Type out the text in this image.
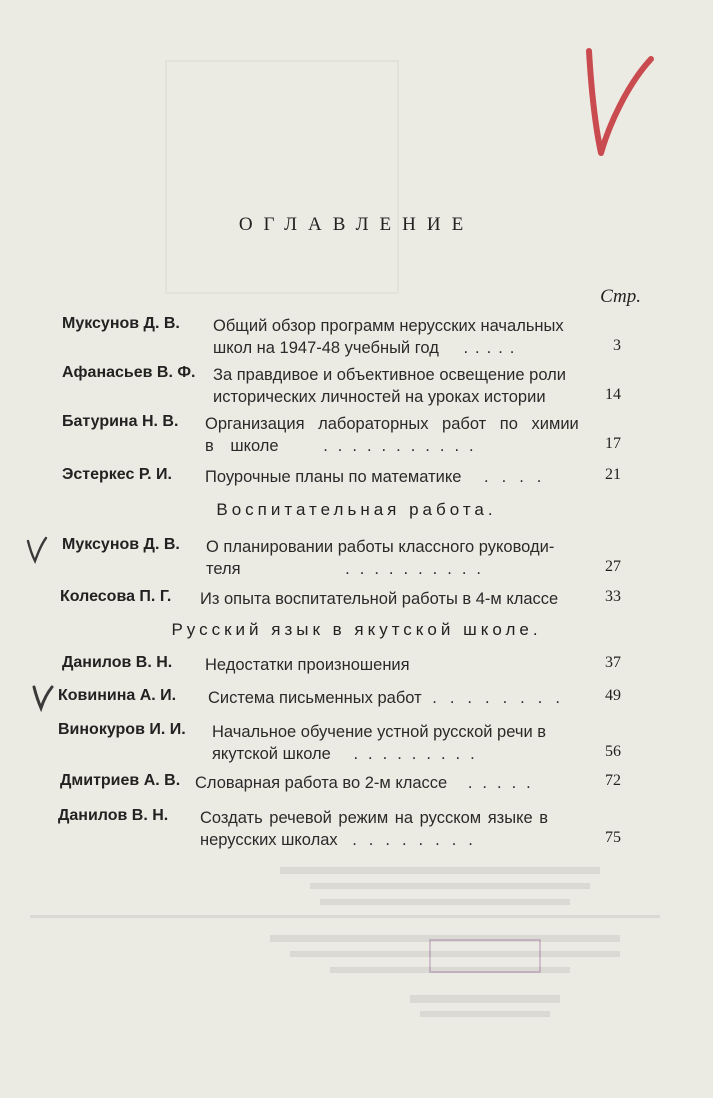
ОГЛАВЛЕНИЕ
Стр.
Муксунов Д. В. Общий обзор программ нерусских начальных
школ на 1947-48 учебный год .....	3
Афанасьев В. Ф. За правдивое и объективное освещение роли
исторических личностей на уроках истории	14
Батурина Н. В. Организация лабораторных работ по химии
в школе	...........	17
Эстеркес Р. И. Поурочные планы по математике ....	21
Воспитательная работа.
Муксунов Д. В. О планировании работы классного руководи-
теля	..........	27
Колесова П. Г. Из опыта воспитательной работы в 4-м классе	33
Русский язык в якутской школе.
Данилов В. Н. Недостатки произношения	37
Ковинина А. И. Система письменных работ ........	49
Винокуров И. И. Начальное обучение устной русской речи в
якутской школе .........	56
Дмитриев А. В. Словарная работа во 2-м классе .....	72
Данилов В. Н. Создать речевой режим на русском языке в
нерусских школах ........	75
